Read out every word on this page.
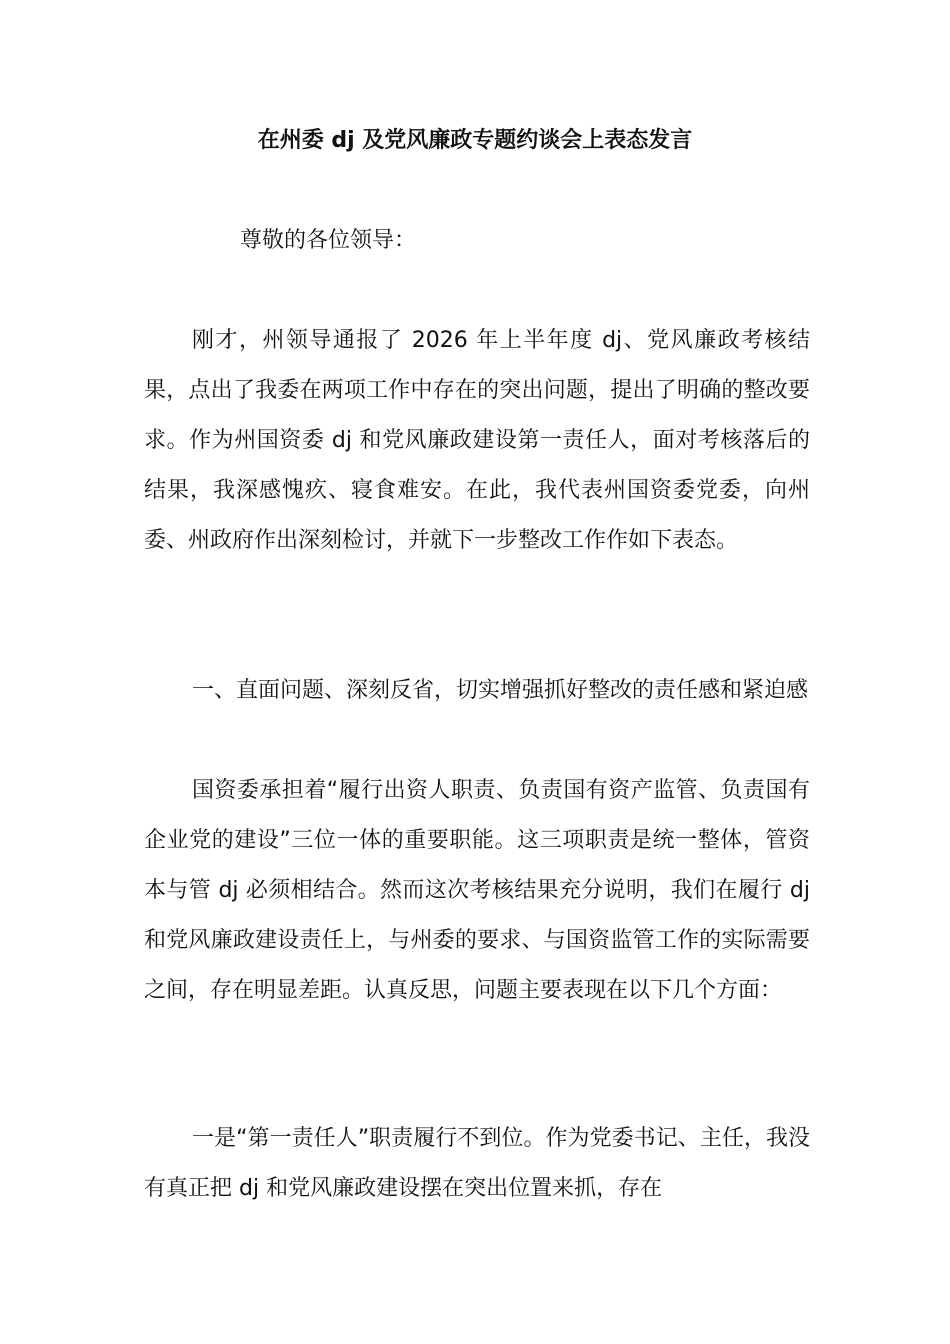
在州委 dj 及党风廉政专题约谈会上表态发言
尊敬的各位领导：

刚才，州领导通报了 2026 年上半年度 dj、党风廉政考核结果，点出了我委在两项工作中存在的突出问题，提出了明确的整改要求。作为州国资委 dj 和党风廉政建设第一责任人，面对考核落后的结果，我深感愧疚、寝食难安。在此，我代表州国资委党委，向州委、州政府作出深刻检讨，并就下一步整改工作作如下表态。

一、直面问题、深刻反省，切实增强抓好整改的责任感和紧迫感

国资委承担着“履行出资人职责、负责国有资产监管、负责国有企业党的建设”三位一体的重要职能。这三项职责是统一整体，管资本与管 dj 必须相结合。然而这次考核结果充分说明，我们在履行 dj 和党风廉政建设责任上，与州委的要求、与国资监管工作的实际需要之间，存在明显差距。认真反思，问题主要表现在以下几个方面：

一是“第一责任人”职责履行不到位。作为党委书记、主任，我没有真正把 dj 和党风廉政建设摆在突出位置来抓，存在
